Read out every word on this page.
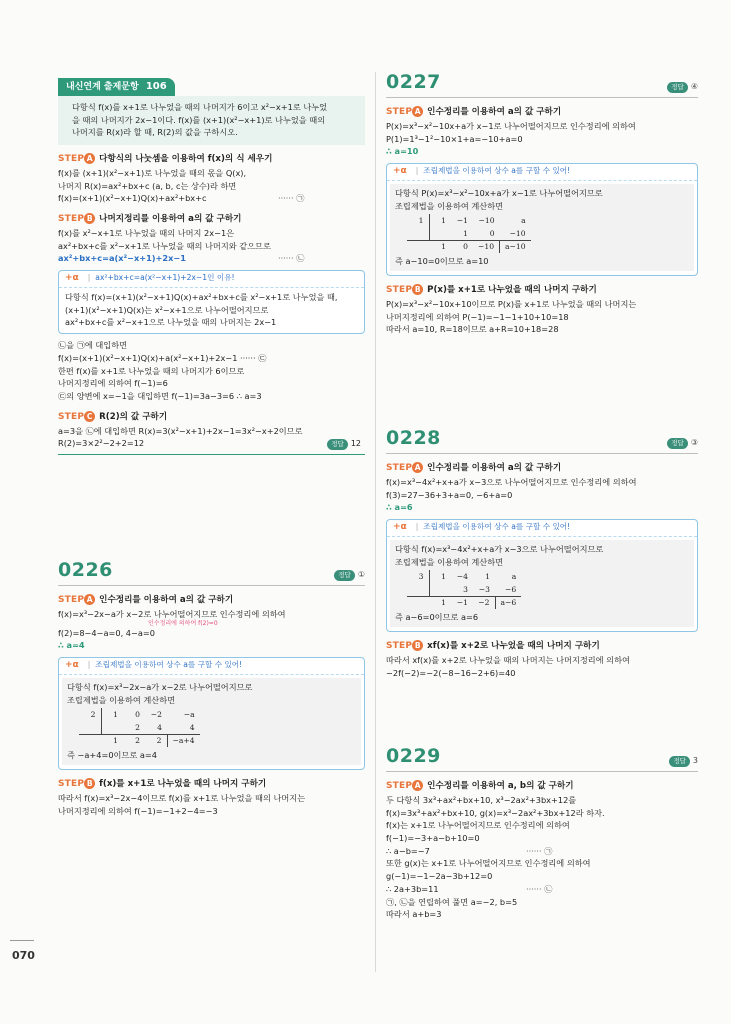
내신연계 출제문항 106
다항식 f(x)를 x+1로 나누었을 때의 나머지가 6이고 x²−x+1로 나누었
을 때의 나머지가 2x−1이다. f(x)를 (x+1)(x²−x+1)로 나누었을 때의
나머지를 R(x)라 할 때, R(2)의 값을 구하시오.
STEP A 다항식의 나눗셈을 이용하여 f(x)의 식 세우기
f(x)를 (x+1)(x²−x+1)로 나누었을 때의 몫을 Q(x),
나머지 R(x)=ax²+bx+c (a, b, c는 상수)라 하면
f(x)=(x+1)(x²−x+1)Q(x)+ax²+bx+c	······ ㉠
STEP B 나머지정리를 이용하여 a의 값 구하기
f(x)를 x²−x+1로 나누었을 때의 나머지 2x−1은
ax²+bx+c를 x²−x+1로 나누었을 때의 나머지와 같으므로
ax²+bx+c=a(x²−x+1)+2x−1	······ ㉡
+α | ax²+bx+c=a(x²−x+1)+2x−1인 이유!
다항식 f(x)=(x+1)(x²−x+1)Q(x)+ax²+bx+c를 x²−x+1로 나누었을 때,
(x+1)(x²−x+1)Q(x)는 x²−x+1으로 나누어떨어지므로
ax²+bx+c를 x²−x+1으로 나누었을 때의 나머지는 2x−1
㉡을 ㉠에 대입하면
f(x)=(x+1)(x²−x+1)Q(x)+a(x²−x+1)+2x−1 ······ ㉢
한편 f(x)를 x+1로 나누었을 때의 나머지가 6이므로
나머지정리에 의하여 f(−1)=6
㉢의 양변에 x=−1을 대입하면 f(−1)=3a−3=6 ∴ a=3
STEP C R(2)의 값 구하기
a=3을 ㉡에 대입하면 R(x)=3(x²−x+1)+2x−1=3x²−x+2이므로
R(2)=3×2²−2+2=12	정답 12
0226	정답 ①
STEP A 인수정리를 이용하여 a의 값 구하기
f(x)=x³−2x−a가 x−2로 나누어떨어지므로 인수정리에 의하여
인수정리에 의하여 f(2)=0
f(2)=8−4−a=0, 4−a=0
∴ a=4
+α | 조립제법을 이용하여 상수 a를 구할 수 있어!
다항식 f(x)=x³−2x−a가 x−2로 나누어떨어지므로
조립제법을 이용하여 계산하면
2	1	0	−2	−a
		2	4	4
	1	2	2	−a+4
즉 −a+4=0이므로 a=4
STEP B f(x)를 x+1로 나누었을 때의 나머지 구하기
따라서 f(x)=x³−2x−4이므로 f(x)를 x+1로 나누었을 때의 나머지는
나머지정리에 의하여 f(−1)=−1+2−4=−3
0227	정답 ④
STEP A 인수정리를 이용하여 a의 값 구하기
P(x)=x³−x²−10x+a가 x−1로 나누어떨어지므로 인수정리에 의하여
P(1)=1³−1²−10×1+a=−10+a=0
∴ a=10
+α | 조립제법을 이용하여 상수 a를 구할 수 있어!
다항식 P(x)=x³−x²−10x+a가 x−1로 나누어떨어지므로
조립제법을 이용하여 계산하면
1	1	−1	−10	a
		1	0	−10
	1	0	−10	a−10
즉 a−10=0이므로 a=10
STEP B P(x)를 x+1로 나누었을 때의 나머지 구하기
P(x)=x³−x²−10x+10이므로 P(x)를 x+1로 나누었을 때의 나머지는
나머지정리에 의하여 P(−1)=−1−1+10+10=18
따라서 a=10, R=18이므로 a+R=10+18=28
0228	정답 ③
STEP A 인수정리를 이용하여 a의 값 구하기
f(x)=x³−4x²+x+a가 x−3으로 나누어떨어지므로 인수정리에 의하여
f(3)=27−36+3+a=0, −6+a=0
∴ a=6
+α | 조립제법을 이용하여 상수 a를 구할 수 있어!
다항식 f(x)=x³−4x²+x+a가 x−3으로 나누어떨어지므로
조립제법을 이용하여 계산하면
3	1	−4	1	a
		3	−3	−6
	1	−1	−2	a−6
즉 a−6=0이므로 a=6
STEP B xf(x)를 x+2로 나누었을 때의 나머지 구하기
따라서 xf(x)를 x+2로 나누었을 때의 나머지는 나머지정리에 의하여
−2f(−2)=−2(−8−16−2+6)=40
0229	정답 3
STEP A 인수정리를 이용하여 a, b의 값 구하기
두 다항식 3x³+ax²+bx+10, x³−2ax²+3bx+12를
f(x)=3x³+ax²+bx+10, g(x)=x³−2ax²+3bx+12라 하자.
f(x)는 x+1로 나누어떨어지므로 인수정리에 의하여
f(−1)=−3+a−b+10=0
∴ a−b=−7	······ ㉠
또한 g(x)는 x+1로 나누어떨어지므로 인수정리에 의하여
g(−1)=−1−2a−3b+12=0
∴ 2a+3b=11	······ ㉡
㉠, ㉡을 연립하여 풀면 a=−2, b=5
따라서 a+b=3
070
